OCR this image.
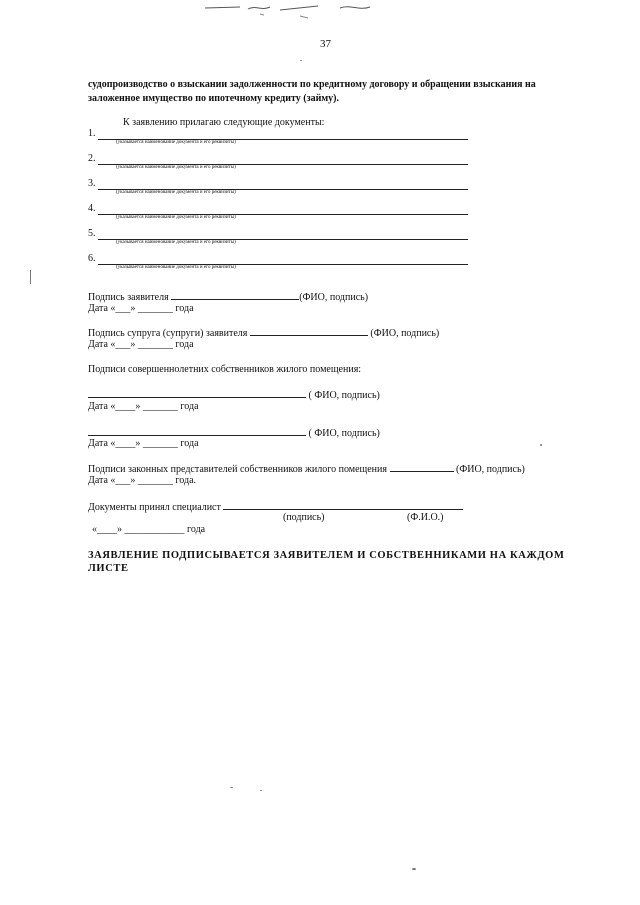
37
судопроизводство о взыскании задолженности по кредитному договору и обращении взыскания на заложенное имущество по ипотечному кредиту (займу).
К заявлению прилагаю следующие документы:
1.
(указывается наименование документа и его реквизиты)
2.
(указывается наименование документа и его реквизиты)
3.
(указывается наименование документа и его реквизиты)
4.
(указывается наименование документа и его реквизиты)
5.
(указывается наименование документа и его реквизиты)
6.
(указывается наименование документа и его реквизиты)
Подпись заявителя	(ФИО, подпись)
Дата «___» _______ года
Подпись супруга (супруги) заявителя	(ФИО, подпись)
Дата «___» _______ года
Подписи совершеннолетних собственников жилого помещения:
( ФИО, подпись)
Дата «____» _______ года
( ФИО, подпись)
Дата «____» _______ года
Подписи законных представителей собственников жилого помещения	(ФИО, подпись)
Дата «___» _______ года.
Документы принял специалист
(подпись)	(Ф.И.О.)
«____» ____________ года
ЗАЯВЛЕНИЕ ПОДПИСЫВАЕТСЯ ЗАЯВИТЕЛЕМ И СОБСТВЕННИКАМИ НА КАЖДОМ ЛИСТЕ
